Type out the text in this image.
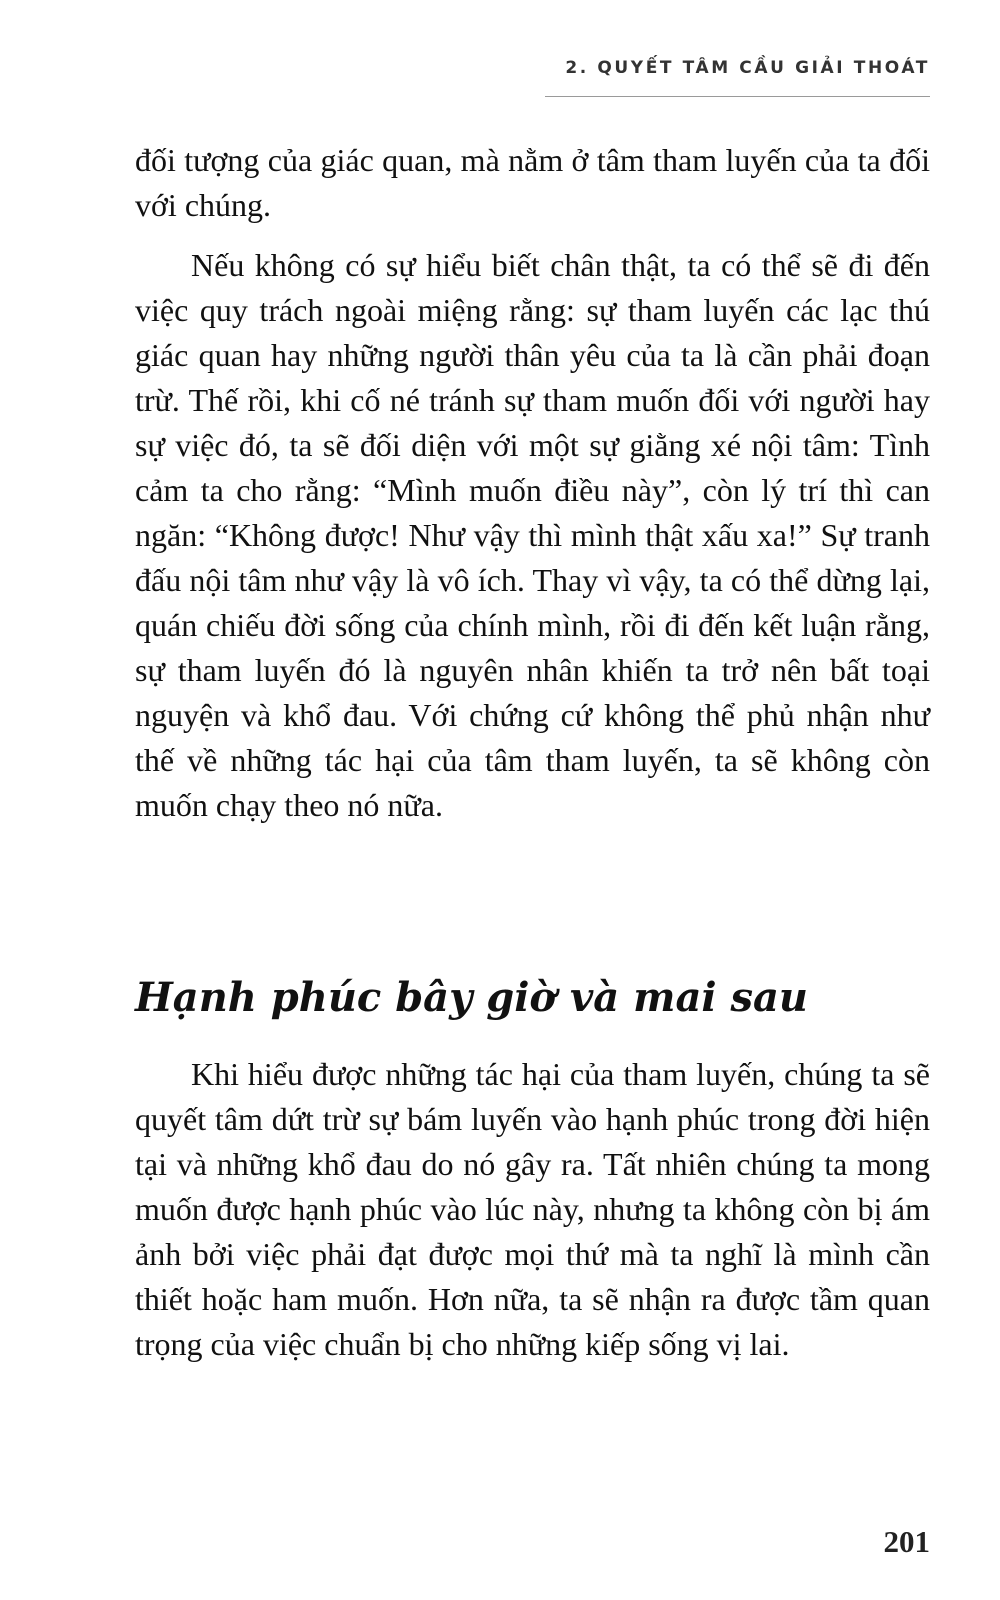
2. QUYẾT TÂM CẦU GIẢI THOÁT

đối tượng của giác quan, mà nằm ở tâm tham luyến của ta đối với chúng.

Nếu không có sự hiểu biết chân thật, ta có thể sẽ đi đến việc quy trách ngoài miệng rằng: sự tham luyến các lạc thú giác quan hay những người thân yêu của ta là cần phải đoạn trừ. Thế rồi, khi cố né tránh sự tham muốn đối với người hay sự việc đó, ta sẽ đối diện với một sự giằng xé nội tâm: Tình cảm ta cho rằng: “Mình muốn điều này”, còn lý trí thì can ngăn: “Không được! Như vậy thì mình thật xấu xa!” Sự tranh đấu nội tâm như vậy là vô ích. Thay vì vậy, ta có thể dừng lại, quán chiếu đời sống của chính mình, rồi đi đến kết luận rằng, sự tham luyến đó là nguyên nhân khiến ta trở nên bất toại nguyện và khổ đau. Với chứng cứ không thể phủ nhận như thế về những tác hại của tâm tham luyến, ta sẽ không còn muốn chạy theo nó nữa.

Hạnh phúc bây giờ và mai sau

Khi hiểu được những tác hại của tham luyến, chúng ta sẽ quyết tâm dứt trừ sự bám luyến vào hạnh phúc trong đời hiện tại và những khổ đau do nó gây ra. Tất nhiên chúng ta mong muốn được hạnh phúc vào lúc này, nhưng ta không còn bị ám ảnh bởi việc phải đạt được mọi thứ mà ta nghĩ là mình cần thiết hoặc ham muốn. Hơn nữa, ta sẽ nhận ra được tầm quan trọng của việc chuẩn bị cho những kiếp sống vị lai.

201
